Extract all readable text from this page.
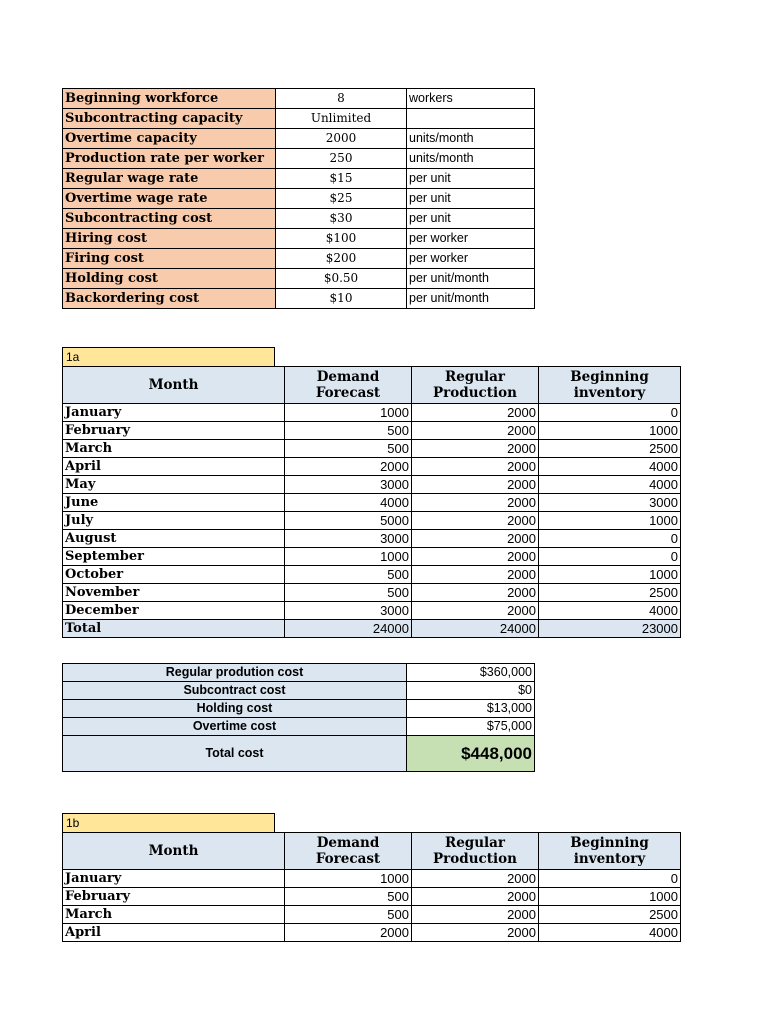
Beginning workforce	8	workers
Subcontracting capacity	Unlimited	
Overtime capacity	2000	units/month
Production rate per worker	250	units/month
Regular wage rate	$15	per unit
Overtime wage rate	$25	per unit
Subcontracting cost	$30	per unit
Hiring cost	$100	per worker
Firing cost	$200	per worker
Holding cost	$0.50	per unit/month
Backordering cost	$10	per unit/month
1a
Month	Demand Forecast	Regular Production	Beginning inventory
January	1000	2000	0
February	500	2000	1000
March	500	2000	2500
April	2000	2000	4000
May	3000	2000	4000
June	4000	2000	3000
July	5000	2000	1000
August	3000	2000	0
September	1000	2000	0
October	500	2000	1000
November	500	2000	2500
December	3000	2000	4000
Total	24000	24000	23000
Regular prodution cost	$360,000
Subcontract cost	$0
Holding cost	$13,000
Overtime cost	$75,000
Total cost	$448,000
1b
Month	Demand Forecast	Regular Production	Beginning inventory
January	1000	2000	0
February	500	2000	1000
March	500	2000	2500
April	2000	2000	4000
